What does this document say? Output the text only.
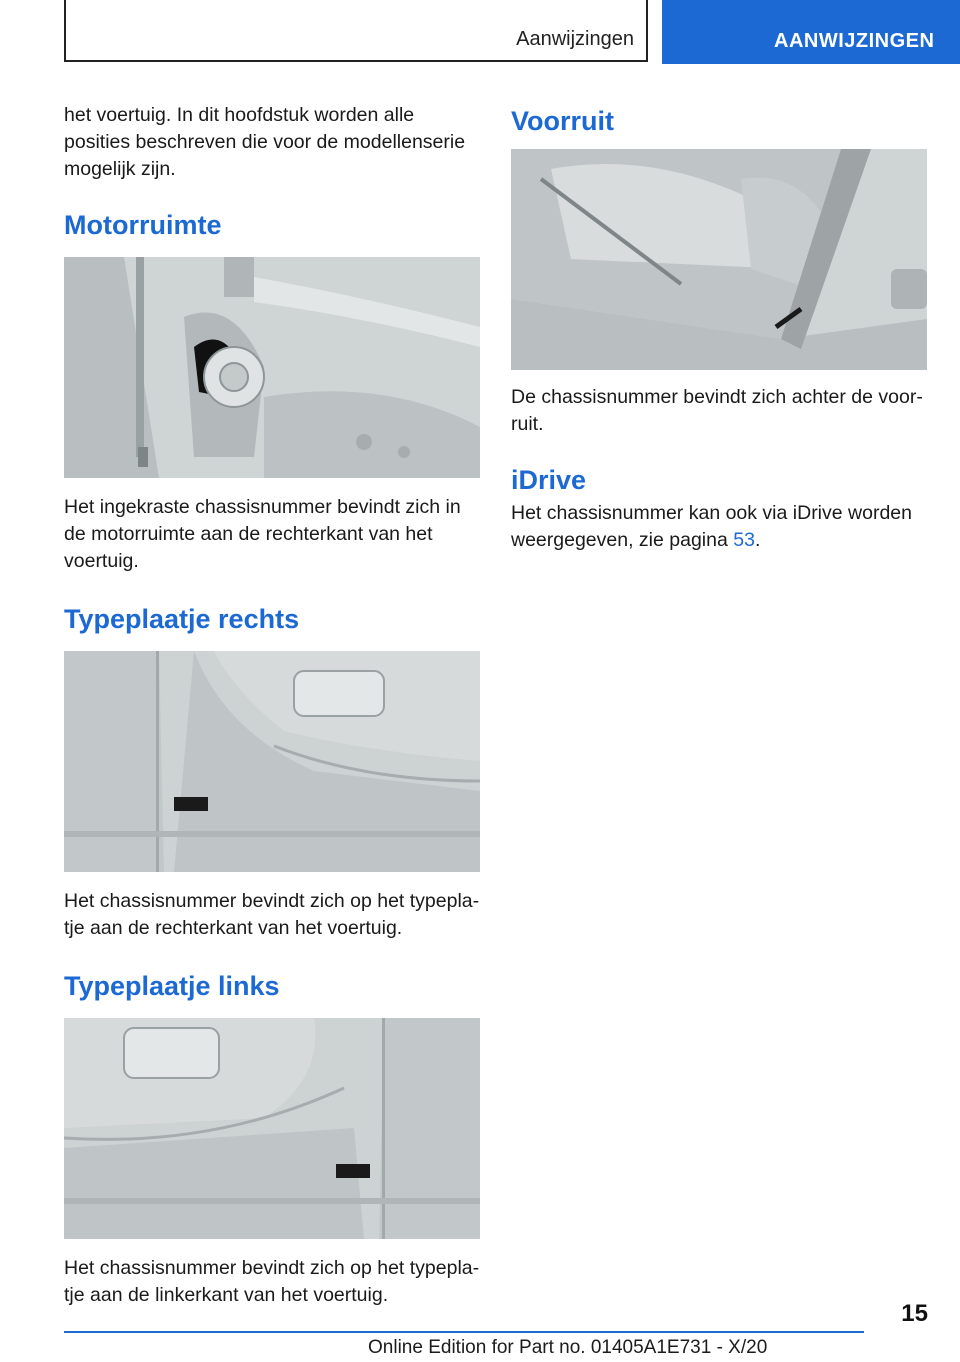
Aanwijzingen	AANWIJZINGEN

het voertuig. In dit hoofdstuk worden alle posities beschreven die voor de modellenserie mogelijk zijn.

Motorruimte

Het ingekraste chassisnummer bevindt zich in de motorruimte aan de rechterkant van het voertuig.

Typeplaatje rechts

Het chassisnummer bevindt zich op het typeplatje aan de rechterkant van het voertuig.

Typeplaatje links

Het chassisnummer bevindt zich op het typeplatje aan de linkerkant van het voertuig.

Voorruit

De chassisnummer bevindt zich achter de voorruit.

iDrive

Het chassisnummer kan ook via iDrive worden weergegeven, zie pagina 53.

15
Online Edition for Part no. 01405A1E731 - X/20
